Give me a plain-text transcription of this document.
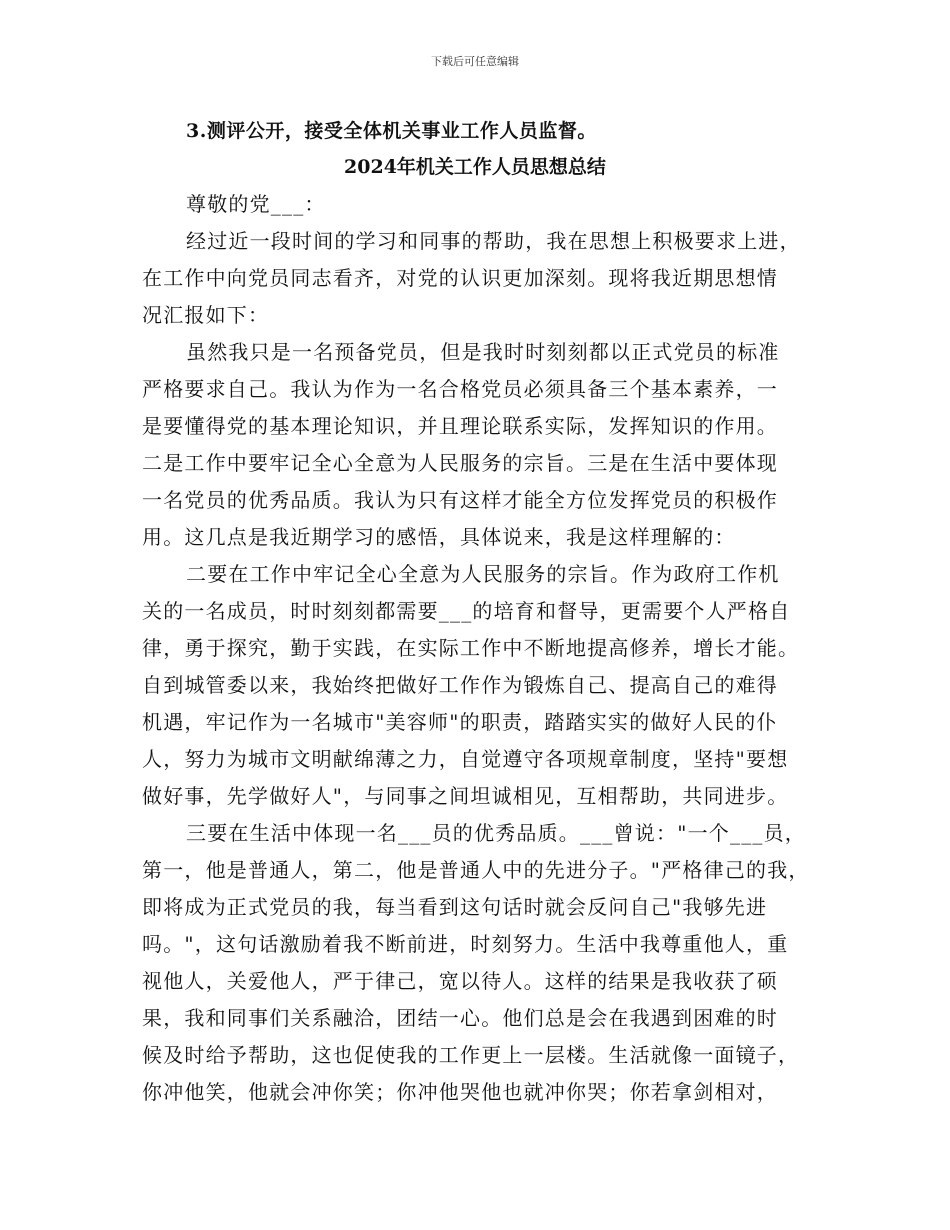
下载后可任意编辑
3.测评公开，接受全体机关事业工作人员监督。
2024年机关工作人员思想总结
尊敬的党___：
经过近一段时间的学习和同事的帮助，我在思想上积极要求上进，
在工作中向党员同志看齐，对党的认识更加深刻。现将我近期思想情
况汇报如下：
虽然我只是一名预备党员，但是我时时刻刻都以正式党员的标准
严格要求自己。我认为作为一名合格党员必须具备三个基本素养，一
是要懂得党的基本理论知识，并且理论联系实际，发挥知识的作用。
二是工作中要牢记全心全意为人民服务的宗旨。三是在生活中要体现
一名党员的优秀品质。我认为只有这样才能全方位发挥党员的积极作
用。这几点是我近期学习的感悟，具体说来，我是这样理解的：
二要在工作中牢记全心全意为人民服务的宗旨。作为政府工作机
关的一名成员，时时刻刻都需要___的培育和督导，更需要个人严格自
律，勇于探究，勤于实践，在实际工作中不断地提高修养，增长才能。
自到城管委以来，我始终把做好工作作为锻炼自己、提高自己的难得
机遇，牢记作为一名城市"美容师"的职责，踏踏实实的做好人民的仆
人，努力为城市文明献绵薄之力，自觉遵守各项规章制度，坚持"要想
做好事，先学做好人"，与同事之间坦诚相见，互相帮助，共同进步。
三要在生活中体现一名___员的优秀品质。___曾说："一个___员，
第一，他是普通人，第二，他是普通人中的先进分子。"严格律己的我，
即将成为正式党员的我，每当看到这句话时就会反问自己"我够先进
吗。"，这句话激励着我不断前进，时刻努力。生活中我尊重他人，重
视他人，关爱他人，严于律己，宽以待人。这样的结果是我收获了硕
果，我和同事们关系融洽，团结一心。他们总是会在我遇到困难的时
候及时给予帮助，这也促使我的工作更上一层楼。生活就像一面镜子，
你冲他笑，他就会冲你笑；你冲他哭他也就冲你哭；你若拿剑相对，
